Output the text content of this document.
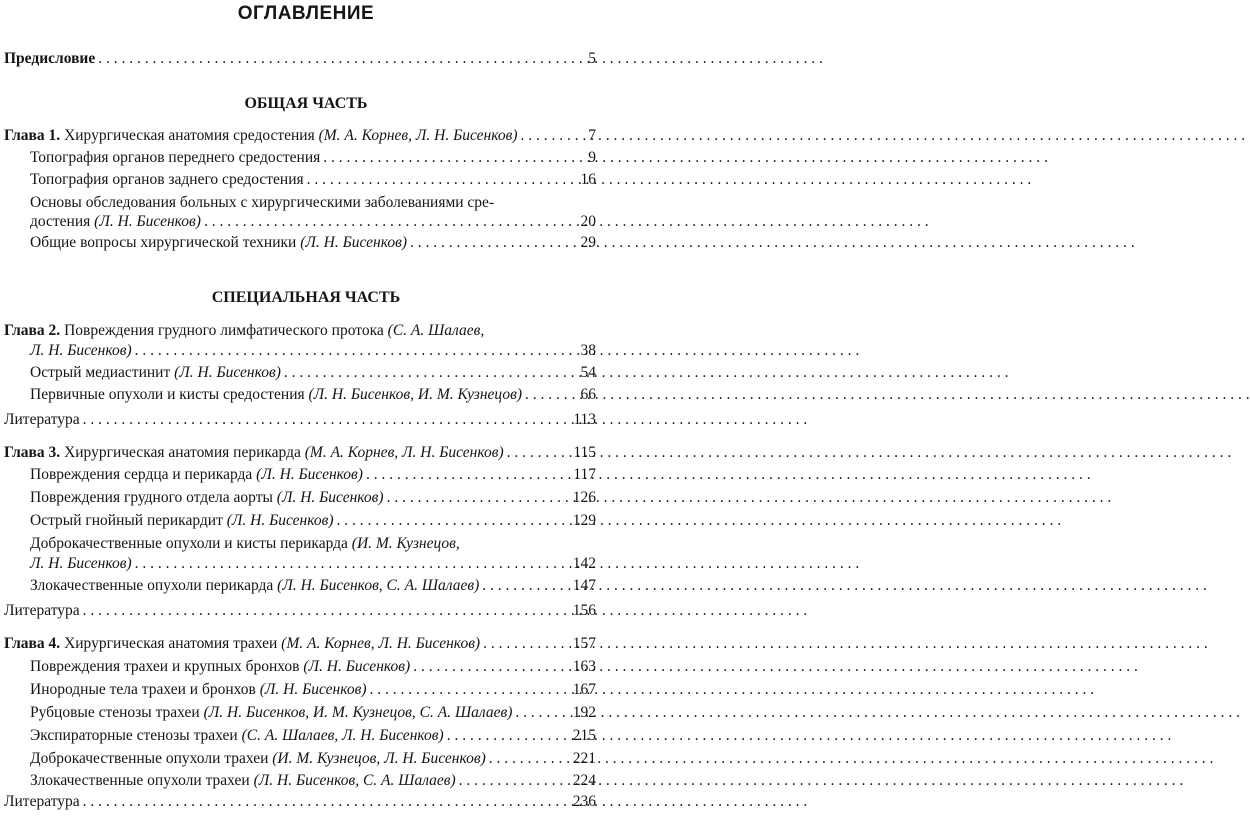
ОГЛАВЛЕНИЕ
Предисловие . . .	5
ОБЩАЯ ЧАСТЬ
Глава 1. Хирургическая анатомия средостения (М. А. Корнев, Л. Н. Бисенков) . . .	7
Топография органов переднего средостения . . .	9
Топография органов заднего средостения . . .	16
Основы обследования больных с хирургическими заболеваниями сре-
достения (Л. Н. Бисенков) . . .	20
Общие вопросы хирургической техники (Л. Н. Бисенков) . . .	29
СПЕЦИАЛЬНАЯ ЧАСТЬ
Глава 2. Повреждения грудного лимфатического протока (С. А. Шалаев,
Л. Н. Бисенков) . . .	38
Острый медиастинит (Л. Н. Бисенков) . . .	54
Первичные опухоли и кисты средостения (Л. Н. Бисенков, И. М. Кузнецов) . . .	66
Литература . . .	113
Глава 3. Хирургическая анатомия перикарда (М. А. Корнев, Л. Н. Бисенков) . . .	115
Повреждения сердца и перикарда (Л. Н. Бисенков) . . .	117
Повреждения грудного отдела аорты (Л. Н. Бисенков) . . .	126
Острый гнойный перикардит (Л. Н. Бисенков) . . .	129
Доброкачественные опухоли и кисты перикарда (И. М. Кузнецов,
Л. Н. Бисенков) . . .	142
Злокачественные опухоли перикарда (Л. Н. Бисенков, С. А. Шалаев) . . .	147
Литература . . .	156
Глава 4. Хирургическая анатомия трахеи (М. А. Корнев, Л. Н. Бисенков) . . .	157
Повреждения трахеи и крупных бронхов (Л. Н. Бисенков) . . .	163
Инородные тела трахеи и бронхов (Л. Н. Бисенков) . . .	167
Рубцовые стенозы трахеи (Л. Н. Бисенков, И. М. Кузнецов, С. А. Шалаев) . . .	192
Экспираторные стенозы трахеи (С. А. Шалаев, Л. Н. Бисенков) . . .	215
Доброкачественные опухоли трахеи (И. М. Кузнецов, Л. Н. Бисенков) . . .	221
Злокачественные опухоли трахеи (Л. Н. Бисенков, С. А. Шалаев) . . .	224
Литература . . .	236
